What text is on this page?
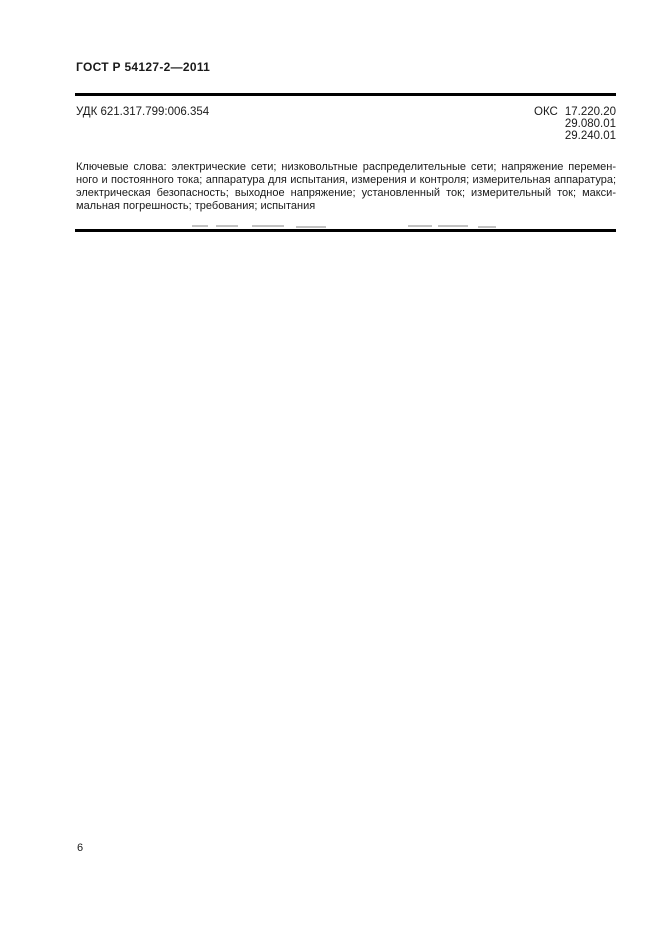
ГОСТ Р 54127-2—2011
УДК 621.317.799:006.354	ОКС 17.220.20
29.080.01
29.240.01
Ключевые слова: электрические сети; низковольтные распределительные сети; напряжение перемен-
ного и постоянного тока; аппаратура для испытания, измерения и контроля; измерительная аппаратура;
электрическая безопасность; выходное напряжение; установленный ток; измерительный ток; макси-
мальная погрешность; требования; испытания
6
